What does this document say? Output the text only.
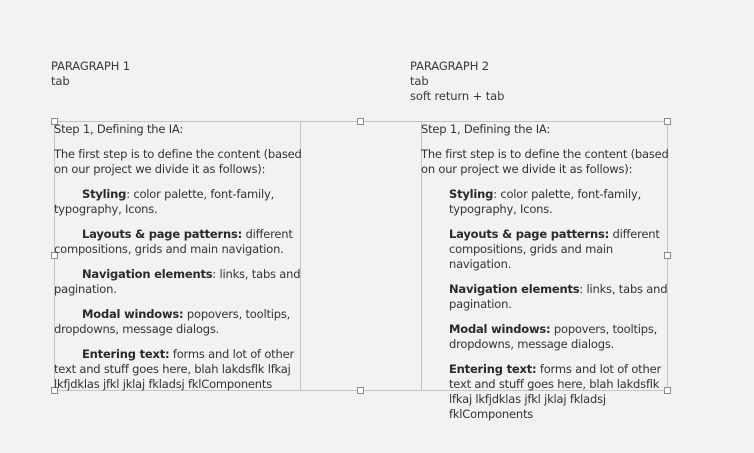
PARAGRAPH 1
tab
PARAGRAPH 2
tab
soft return + tab

Step 1, Defining the IA:

The first step is to define the content (based on our project we divide it as follows):

Styling: color palette, font-family, typography, Icons.

Layouts & page patterns: different compositions, grids and main navigation.

Navigation elements: links, tabs and pagination.

Modal windows: popovers, tooltips, dropdowns, message dialogs.

Entering text: forms and lot of other text and stuff goes here, blah lakdsflk lfkaj lkfjdklas jfkl jklaj fkladsj fklComponents

Step 1, Defining the IA:

The first step is to define the content (based on our project we divide it as follows):

Styling: color palette, font-family, typography, Icons.

Layouts & page patterns: different compositions, grids and main navigation.

Navigation elements: links, tabs and pagination.

Modal windows: popovers, tooltips, dropdowns, message dialogs.

Entering text: forms and lot of other text and stuff goes here, blah lakdsflk lfkaj lkfjdklas jfkl jklaj fkladsj fklComponents
